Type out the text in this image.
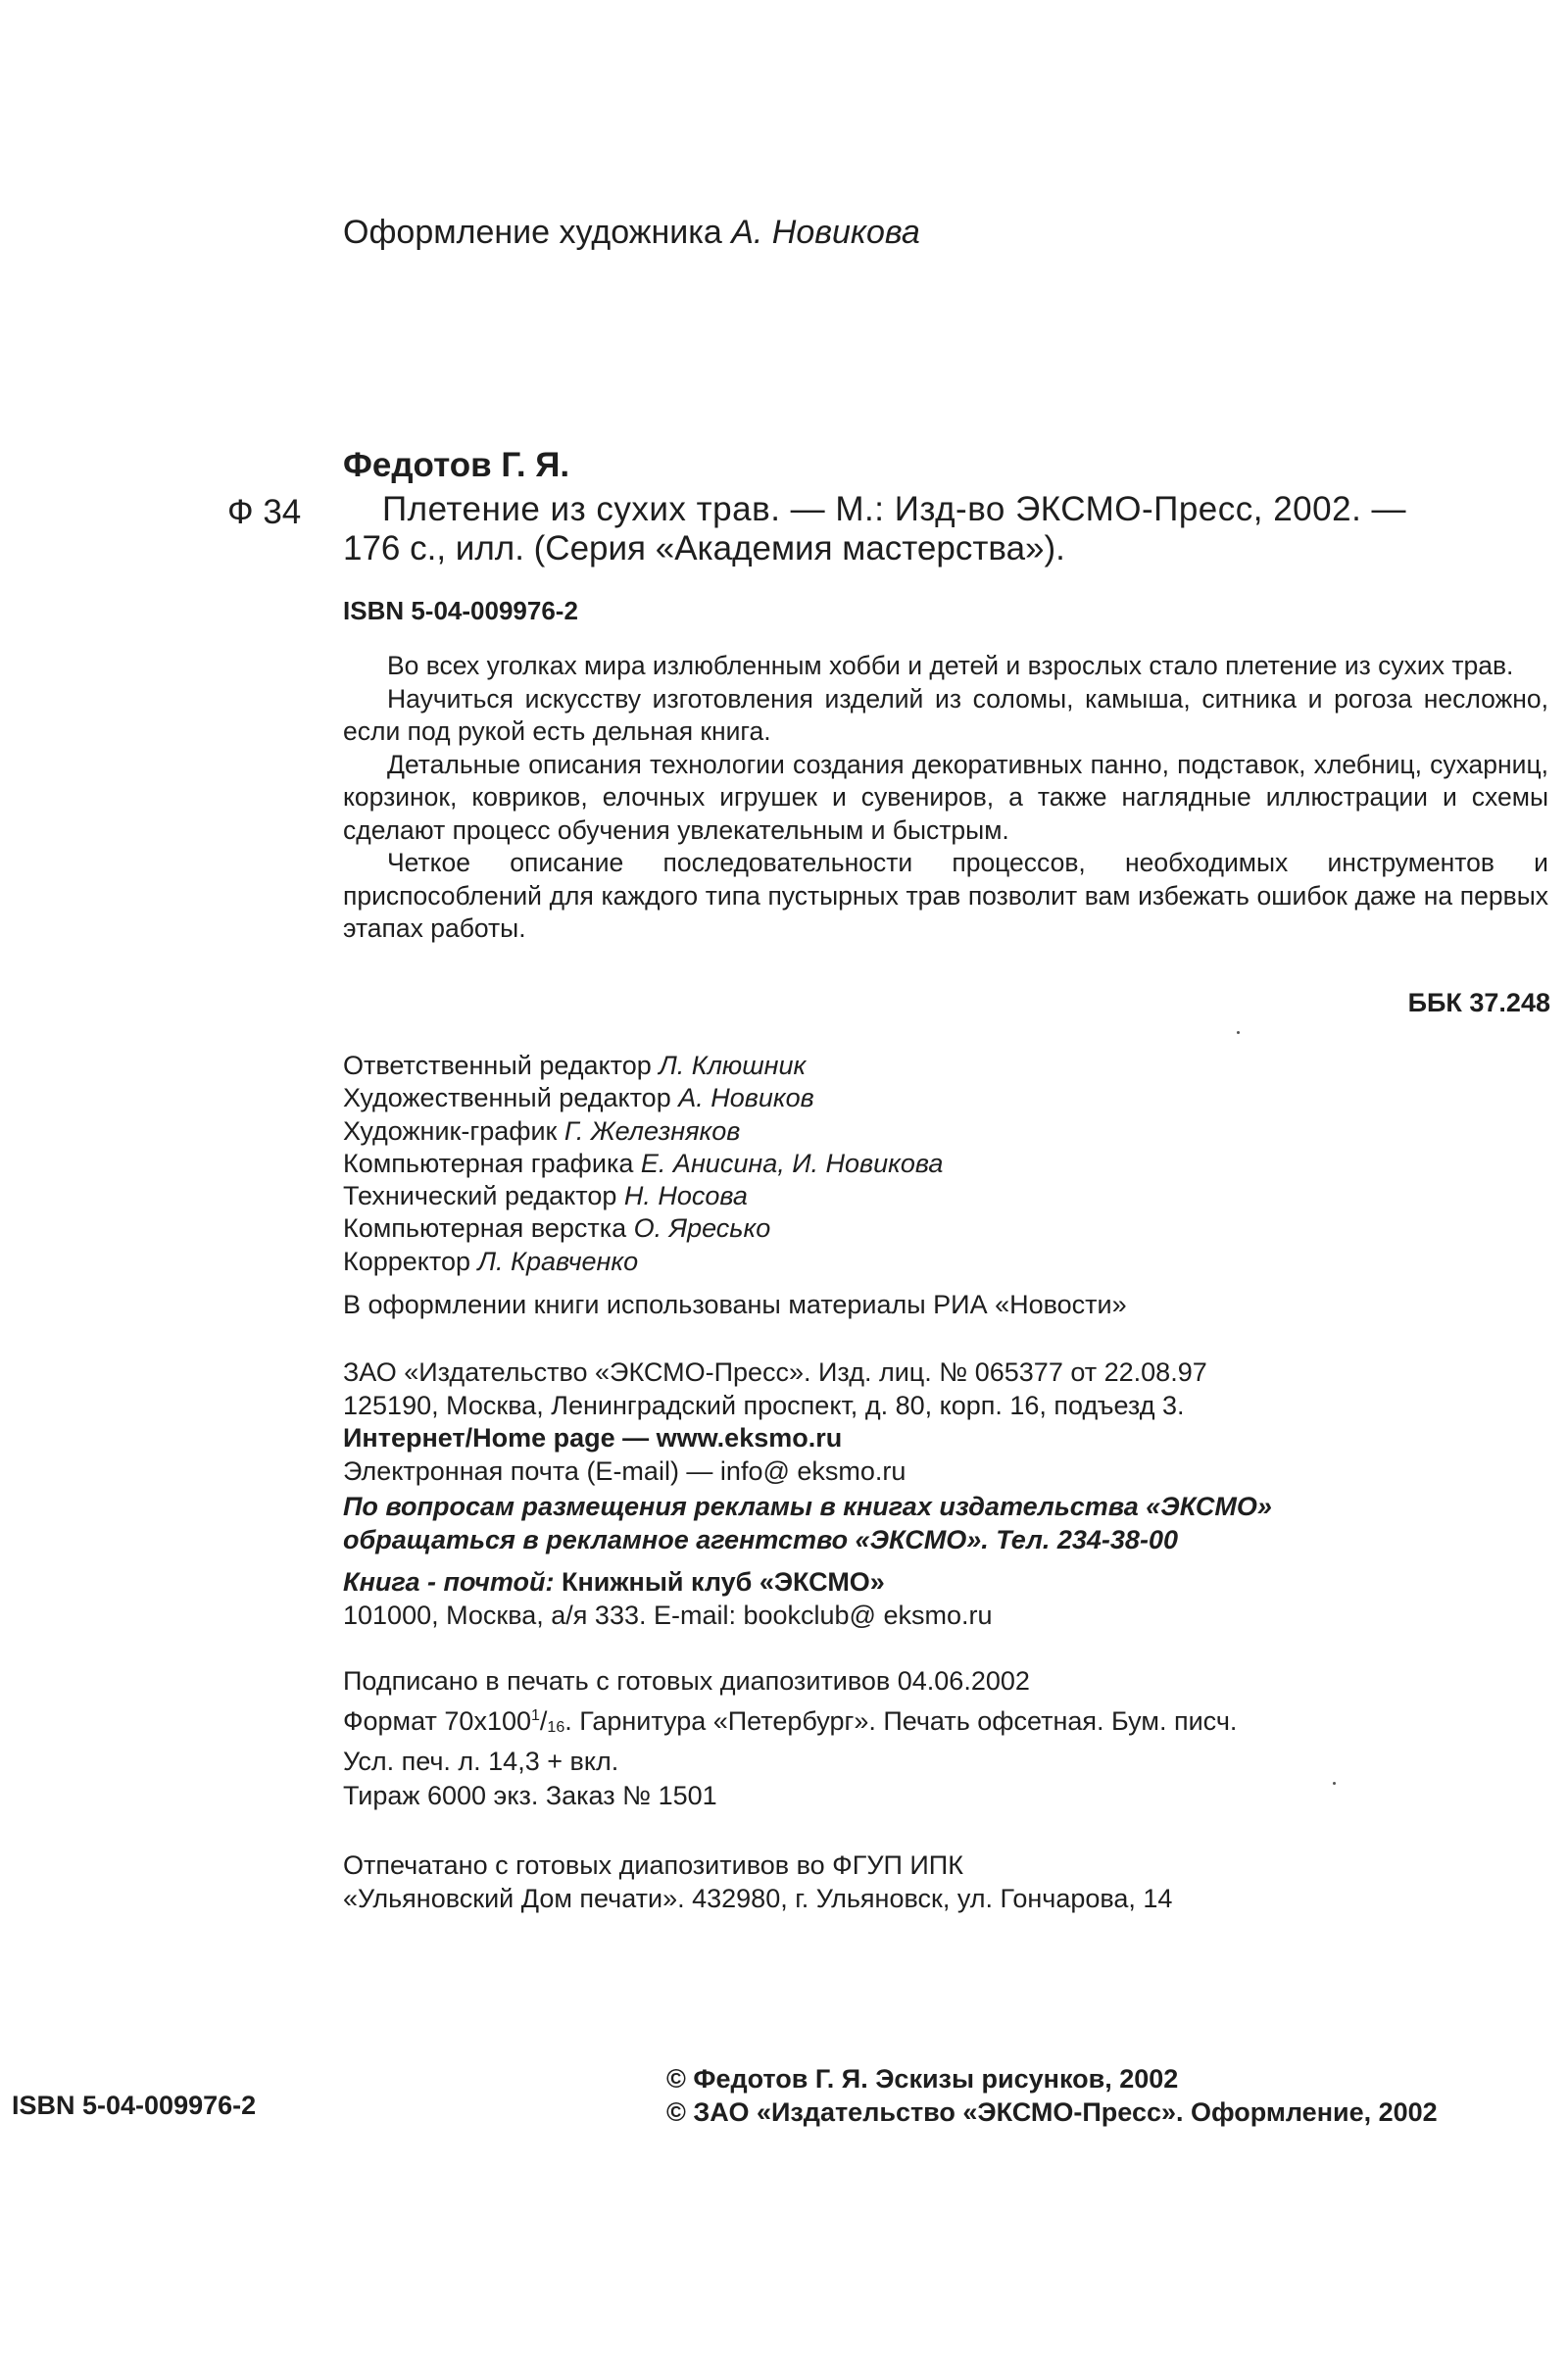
Оформление художника А. Новикова
Федотов Г. Я.
Ф 34 Плетение из сухих трав. — М.: Изд-во ЭКСМО-Пресс, 2002. —
176 с., илл. (Серия «Академия мастерства»).
ISBN 5-04-009976-2

Во всех уголках мира излюбленным хобби и детей и взрослых стало плетение из сухих трав.

Научиться искусству изготовления изделий из соломы, камыша, ситника и рогоза несложно, если под рукой есть дельная книга.

Детальные описания технологии создания декоративных панно, подставок, хлебниц, сухарниц, корзинок, ковриков, елочных игрушек и сувениров, а также наглядные иллюстрации и схемы сделают процесс обучения увлекательным и быстрым.

Четкое описание последовательности процессов, необходимых инструментов и приспособлений для каждого типа пустырных трав позволит вам избежать ошибок даже на первых этапах работы.

ББК 37.248
Ответственный редактор Л. Клюшник
Художественный редактор А. Новиков
Художник-график Г. Железняков
Компьютерная графика Е. Анисина, И. Новикова
Технический редактор Н. Носова
Компьютерная верстка О. Яресько
Корректор Л. Кравченко
В оформлении книги использованы материалы РИА «Новости»
ЗАО «Издательство «ЭКСМО-Пресс». Изд. лиц. № 065377 от 22.08.97
125190, Москва, Ленинградский проспект, д. 80, корп. 16, подъезд 3.
Интернет/Home page — www.eksmo.ru
Электронная почта (E-mail) — info@ eksmo.ru
По вопросам размещения рекламы в книгах издательства «ЭКСМО»
обращаться в рекламное агентство «ЭКСМО». Тел. 234-38-00
Книга - почтой: Книжный клуб «ЭКСМО»
101000, Москва, а/я 333. E-mail: bookclub@ eksmo.ru
Подписано в печать с готовых диапозитивов 04.06.2002
Формат $70х100^1/_{16}$. Гарнитура «Петербург». Печать офсетная. Бум. писч.
Усл. печ. л. 14,3 + вкл.
Тираж 6000 экз. Заказ № 1501
Отпечатано с готовых диапозитивов во ФГУП ИПК
«Ульяновский Дом печати». 432980, г. Ульяновск, ул. Гончарова, 14
ISBN 5-04-009976-2
© Федотов Г. Я. Эскизы рисунков, 2002
© ЗАО «Издательство «ЭКСМО-Пресс». Оформление, 2002
